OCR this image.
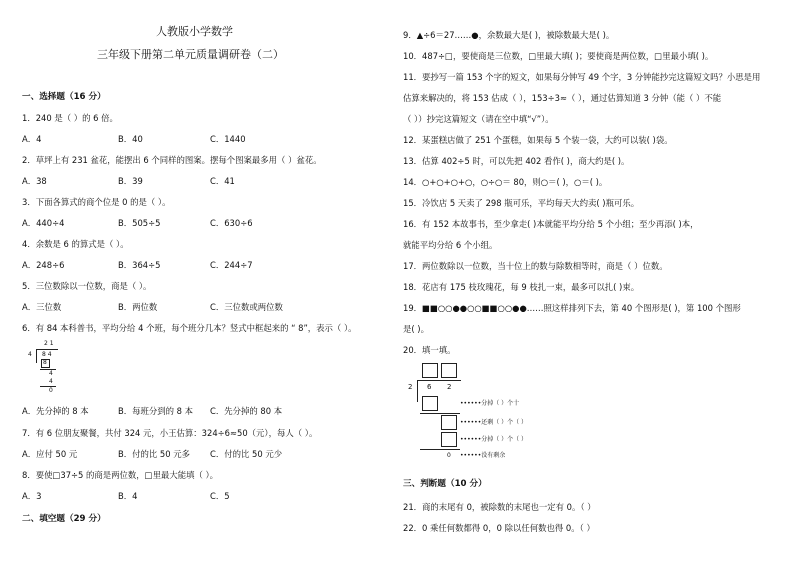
人教版小学数学
三年级下册第二单元质量调研卷（二）
一、选择题（16 分）
1．240 是（ ）的 6 倍。
A．4	B．40	C．1440
2．草坪上有 231 盆花，能摆出 6 个同样的图案。摆每个图案最多用（ ）盆花。
A．38	B．39	C．41
3．下面各算式的商个位是 0 的是（ ）。
A．440÷4	B．505÷5	C．630÷6
4．余数是 6 的算式是（ ）。
A．248÷6	B．364÷5	C．244÷7
5．三位数除以一位数，商是（ ）。
A．三位数	B．两位数	C．三位数或两位数
6．有 84 本科普书，平均分给 4 个班，每个班分几本？竖式中框起来的 “ 8”，表示（ ）。
2 1
4 8 4
8
4
4
0
A．先分掉的 8 本	B．每班分到的 8 本 C．先分掉的 80 本
7．有 6 位朋友聚餐，共付 324 元，小王估算：324÷6≈50（元），每人（ ）。
A．应付 50 元	B．付的比 50 元多 C．付的比 50 元少
8．要使□37÷5 的商是两位数，□里最大能填（ ）。
A．3	B．4	C．5
二、填空题（29 分）
9．▲÷6＝27……●，余数最大是( )，被除数最大是( )。
10．487÷□，要使商是三位数，□里最大填( )；要使商是两位数，□里最小填( )。
11．要抄写一篇 153 个字的短文，如果每分钟写 49 个字，3 分钟能抄完这篇短文吗？小思是用
估算来解决的，将 153 估成（ ），153÷3≈（ ），通过估算知道 3 分钟（能（ ）不能
（ ））抄完这篇短文（请在空中填“√”）。
12．某蛋糕店做了 251 个蛋糕，如果每 5 个装一袋，大约可以装( )袋。
13．估算 402÷5 时，可以先把 402 看作( )，商大约是( )。
14．○+○+○+○，○÷○＝ 80，则○＝( )，○＝( )。
15．冷饮店 5 天卖了 298 瓶可乐，平均每天大约卖( )瓶可乐。
16．有 152 本故事书，至少拿走( )本就能平均分给 5 个小组；至少再添( )本，
就能平均分给 6 个小组。
17．两位数除以一位数，当十位上的数与除数相等时，商是（ ）位数。
18．花店有 175 枝玫瑰花，每 9 枝扎一束，最多可以扎( )束。
19．■■○○●●○○■■○○●●……照这样排列下去，第 40 个图形是( )，第 100 个图形
是( )。
20．填一填。
2 6 2
••••••分掉（ ）个十
••••••还剩（ ）个（ ）
••••••分掉（ ）个（ ）
0 ••••••没有剩余
三、判断题（10 分）
21．商的末尾有 0，被除数的末尾也一定有 0。（ ）
22．0 乘任何数都得 0，0 除以任何数也得 0。（ ）
